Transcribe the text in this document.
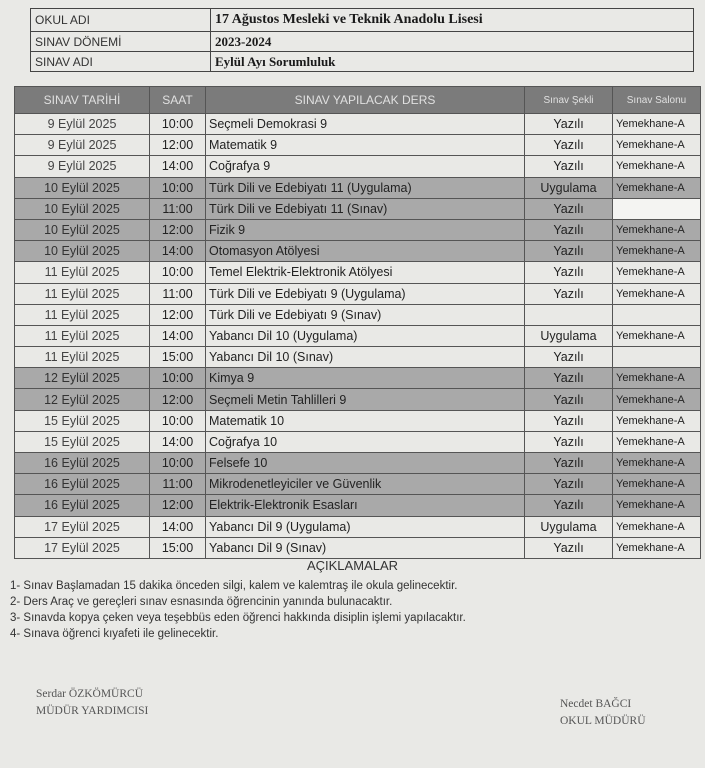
OKUL ADI	17 Ağustos Mesleki ve Teknik Anadolu Lisesi
SINAV DÖNEMİ	2023-2024
SINAV ADI	Eylül Ayı Sorumluluk
SINAV TARİHİ	SAAT	SINAV YAPILACAK DERS	Sınav Şekli	Sınav Salonu
9 Eylül 2025	10:00	Seçmeli Demokrasi 9	Yazılı	Yemekhane-A
9 Eylül 2025	12:00	Matematik 9	Yazılı	Yemekhane-A
9 Eylül 2025	14:00	Coğrafya 9	Yazılı	Yemekhane-A
10 Eylül 2025	10:00	Türk Dili ve Edebiyatı 11 (Uygulama)	Uygulama	Yemekhane-A
10 Eylül 2025	11:00	Türk Dili ve Edebiyatı 11 (Sınav)	Yazılı	
10 Eylül 2025	12:00	Fizik 9	Yazılı	Yemekhane-A
10 Eylül 2025	14:00	Otomasyon Atölyesi	Yazılı	Yemekhane-A
11 Eylül 2025	10:00	Temel Elektrik-Elektronik Atölyesi	Yazılı	Yemekhane-A
11 Eylül 2025	11:00	Türk Dili ve Edebiyatı 9 (Uygulama)	Yazılı	Yemekhane-A
11 Eylül 2025	12:00	Türk Dili ve Edebiyatı 9 (Sınav)		
11 Eylül 2025	14:00	Yabancı Dil 10 (Uygulama)	Uygulama	Yemekhane-A
11 Eylül 2025	15:00	Yabancı Dil 10 (Sınav)	Yazılı	
12 Eylül 2025	10:00	Kimya 9	Yazılı	Yemekhane-A
12 Eylül 2025	12:00	Seçmeli Metin Tahlilleri 9	Yazılı	Yemekhane-A
15 Eylül 2025	10:00	Matematik 10	Yazılı	Yemekhane-A
15 Eylül 2025	14:00	Coğrafya 10	Yazılı	Yemekhane-A
16 Eylül 2025	10:00	Felsefe 10	Yazılı	Yemekhane-A
16 Eylül 2025	11:00	Mikrodenetleyiciler ve Güvenlik	Yazılı	Yemekhane-A
16 Eylül 2025	12:00	Elektrik-Elektronik Esasları	Yazılı	Yemekhane-A
17 Eylül 2025	14:00	Yabancı Dil 9 (Uygulama)	Uygulama	Yemekhane-A
17 Eylül 2025	15:00	Yabancı Dil 9 (Sınav)	Yazılı	Yemekhane-A
AÇIKLAMALAR
1- Sınav Başlamadan 15 dakika önceden silgi, kalem ve kalemtraş ile okula gelinecektir.
2- Ders Araç ve gereçleri sınav esnasında öğrencinin yanında bulunacaktır.
3- Sınavda kopya çeken veya teşebbüs eden öğrenci hakkında disiplin işlemi yapılacaktır.
4- Sınava öğrenci kıyafeti ile gelinecektir.
Serdar ÖZKÖMÜRCÜ
MÜDÜR YARDIMCISI
Necdet BAĞCI
OKUL MÜDÜRÜ
